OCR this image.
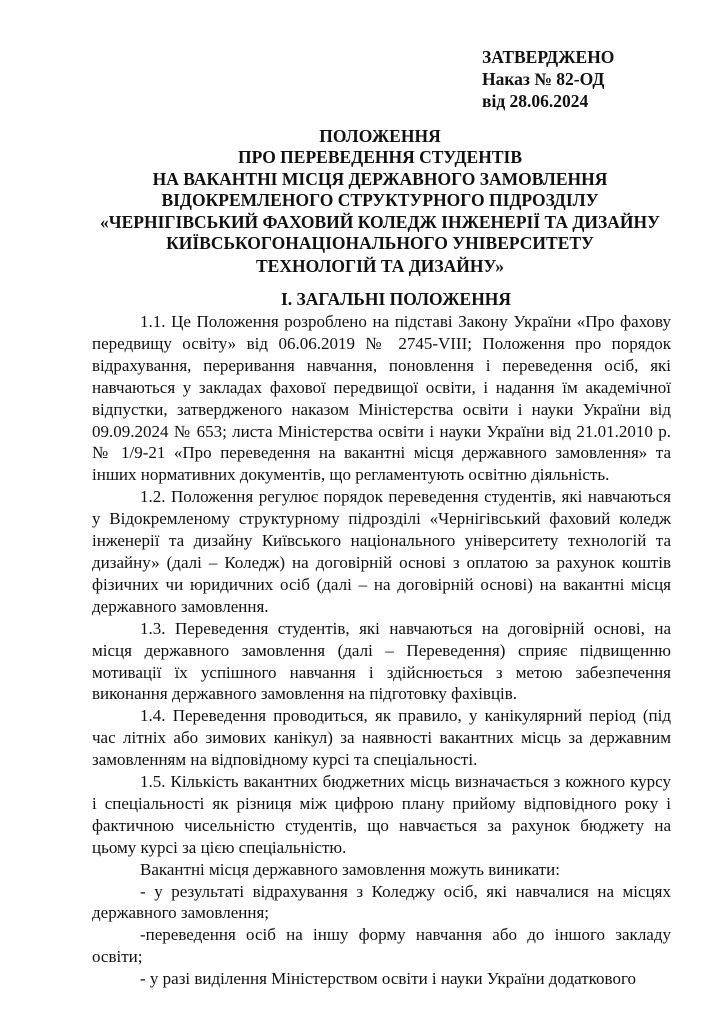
ЗАТВЕРДЖЕНО
Наказ № 82-ОД
від 28.06.2024
ПОЛОЖЕННЯ
ПРО ПЕРЕВЕДЕННЯ СТУДЕНТІВ
НА ВАКАНТНІ МІСЦЯ ДЕРЖАВНОГО ЗАМОВЛЕННЯ
ВІДОКРЕМЛЕНОГО СТРУКТУРНОГО ПІДРОЗДІЛУ
«ЧЕРНІГІВСЬКИЙ ФАХОВИЙ КОЛЕДЖ ІНЖЕНЕРІЇ ТА ДИЗАЙНУ
КИЇВСЬКОГОНАЦІОНАЛЬНОГО УНІВЕРСИТЕТУ
ТЕХНОЛОГІЙ ТА ДИЗАЙНУ»
І. ЗАГАЛЬНІ ПОЛОЖЕННЯ

1.1. Це Положення розроблено на підставі Закону України «Про фахову передвищу освіту» від 06.06.2019 № 2745-VIII; Положення про порядок відрахування, переривання навчання, поновлення і переведення осіб, які навчаються у закладах фахової передвищої освіти, і надання їм академічної відпустки, затвердженого наказом Міністерства освіти і науки України від 09.09.2024 № 653; листа Міністерства освіти і науки України від 21.01.2010 р. № 1/9-21 «Про переведення на вакантні місця державного замовлення» та інших нормативних документів, що регламентують освітню діяльність.

1.2. Положення регулює порядок переведення студентів, які навчаються у Відокремленому структурному підрозділі «Чернігівський фаховий коледж інженерії та дизайну Київського національного університету технологій та дизайну» (далі – Коледж) на договірній основі з оплатою за рахунок коштів фізичних чи юридичних осіб (далі – на договірній основі) на вакантні місця державного замовлення.

1.3. Переведення студентів, які навчаються на договірній основі, на місця державного замовлення (далі – Переведення) сприяє підвищенню мотивації їх успішного навчання і здійснюється з метою забезпечення виконання державного замовлення на підготовку фахівців.

1.4. Переведення проводиться, як правило, у канікулярний період (під час літніх або зимових канікул) за наявності вакантних місць за державним замовленням на відповідному курсі та спеціальності.

1.5. Кількість вакантних бюджетних місць визначається з кожного курсу і спеціальності як різниця між цифрою плану прийому відповідного року і фактичною чисельністю студентів, що навчається за рахунок бюджету на цьому курсі за цією спеціальністю.

Вакантні місця державного замовлення можуть виникати:

- у результаті відрахування з Коледжу осіб, які навчалися на місцях державного замовлення;

-переведення осіб на іншу форму навчання або до іншого закладу освіти;

- у разі виділення Міністерством освіти і науки України додаткового
